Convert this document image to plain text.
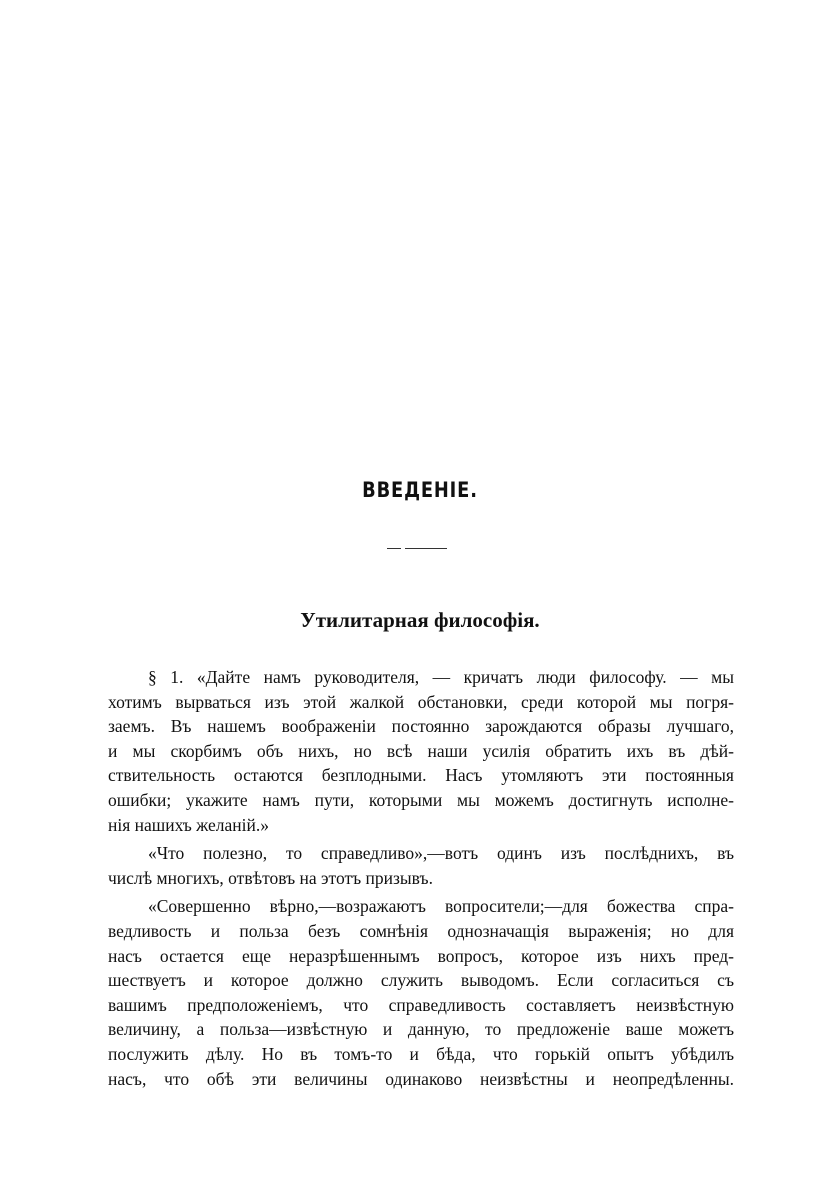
ВВЕДЕНІЕ.
Утилитарная философія.
§ 1. «Дайте намъ руководителя, — кричатъ люди философу. — мы
хотимъ вырваться изъ этой жалкой обстановки, среди которой мы погря-
заемъ. Въ нашемъ воображеніи постоянно зарождаются образы лучшаго,
и мы скорбимъ объ нихъ, но всѣ наши усилія обратить ихъ въ дѣй-
ствительность остаются безплодными. Насъ утомляютъ эти постоянныя
ошибки; укажите намъ пути, которыми мы можемъ достигнуть исполне-
нія нашихъ желаній.»
«Что полезно, то справедливо»,—вотъ одинъ изъ послѣднихъ, въ
числѣ многихъ, отвѣтовъ на этотъ призывъ.
«Совершенно вѣрно,—возражаютъ вопросители;—для божества спра-
ведливость и польза безъ сомнѣнія однозначащія выраженія; но для
насъ остается еще неразрѣшеннымъ вопросъ, которое изъ нихъ пред-
шествуетъ и которое должно служить выводомъ. Если согласиться съ
вашимъ предположеніемъ, что справедливость составляетъ неизвѣстную
величину, а польза—извѣстную и данную, то предложеніе ваше можетъ
послужить дѣлу. Но въ томъ-то и бѣда, что горькій опытъ убѣдилъ
насъ, что обѣ эти величины одинаково неизвѣстны и неопредѣленны.
